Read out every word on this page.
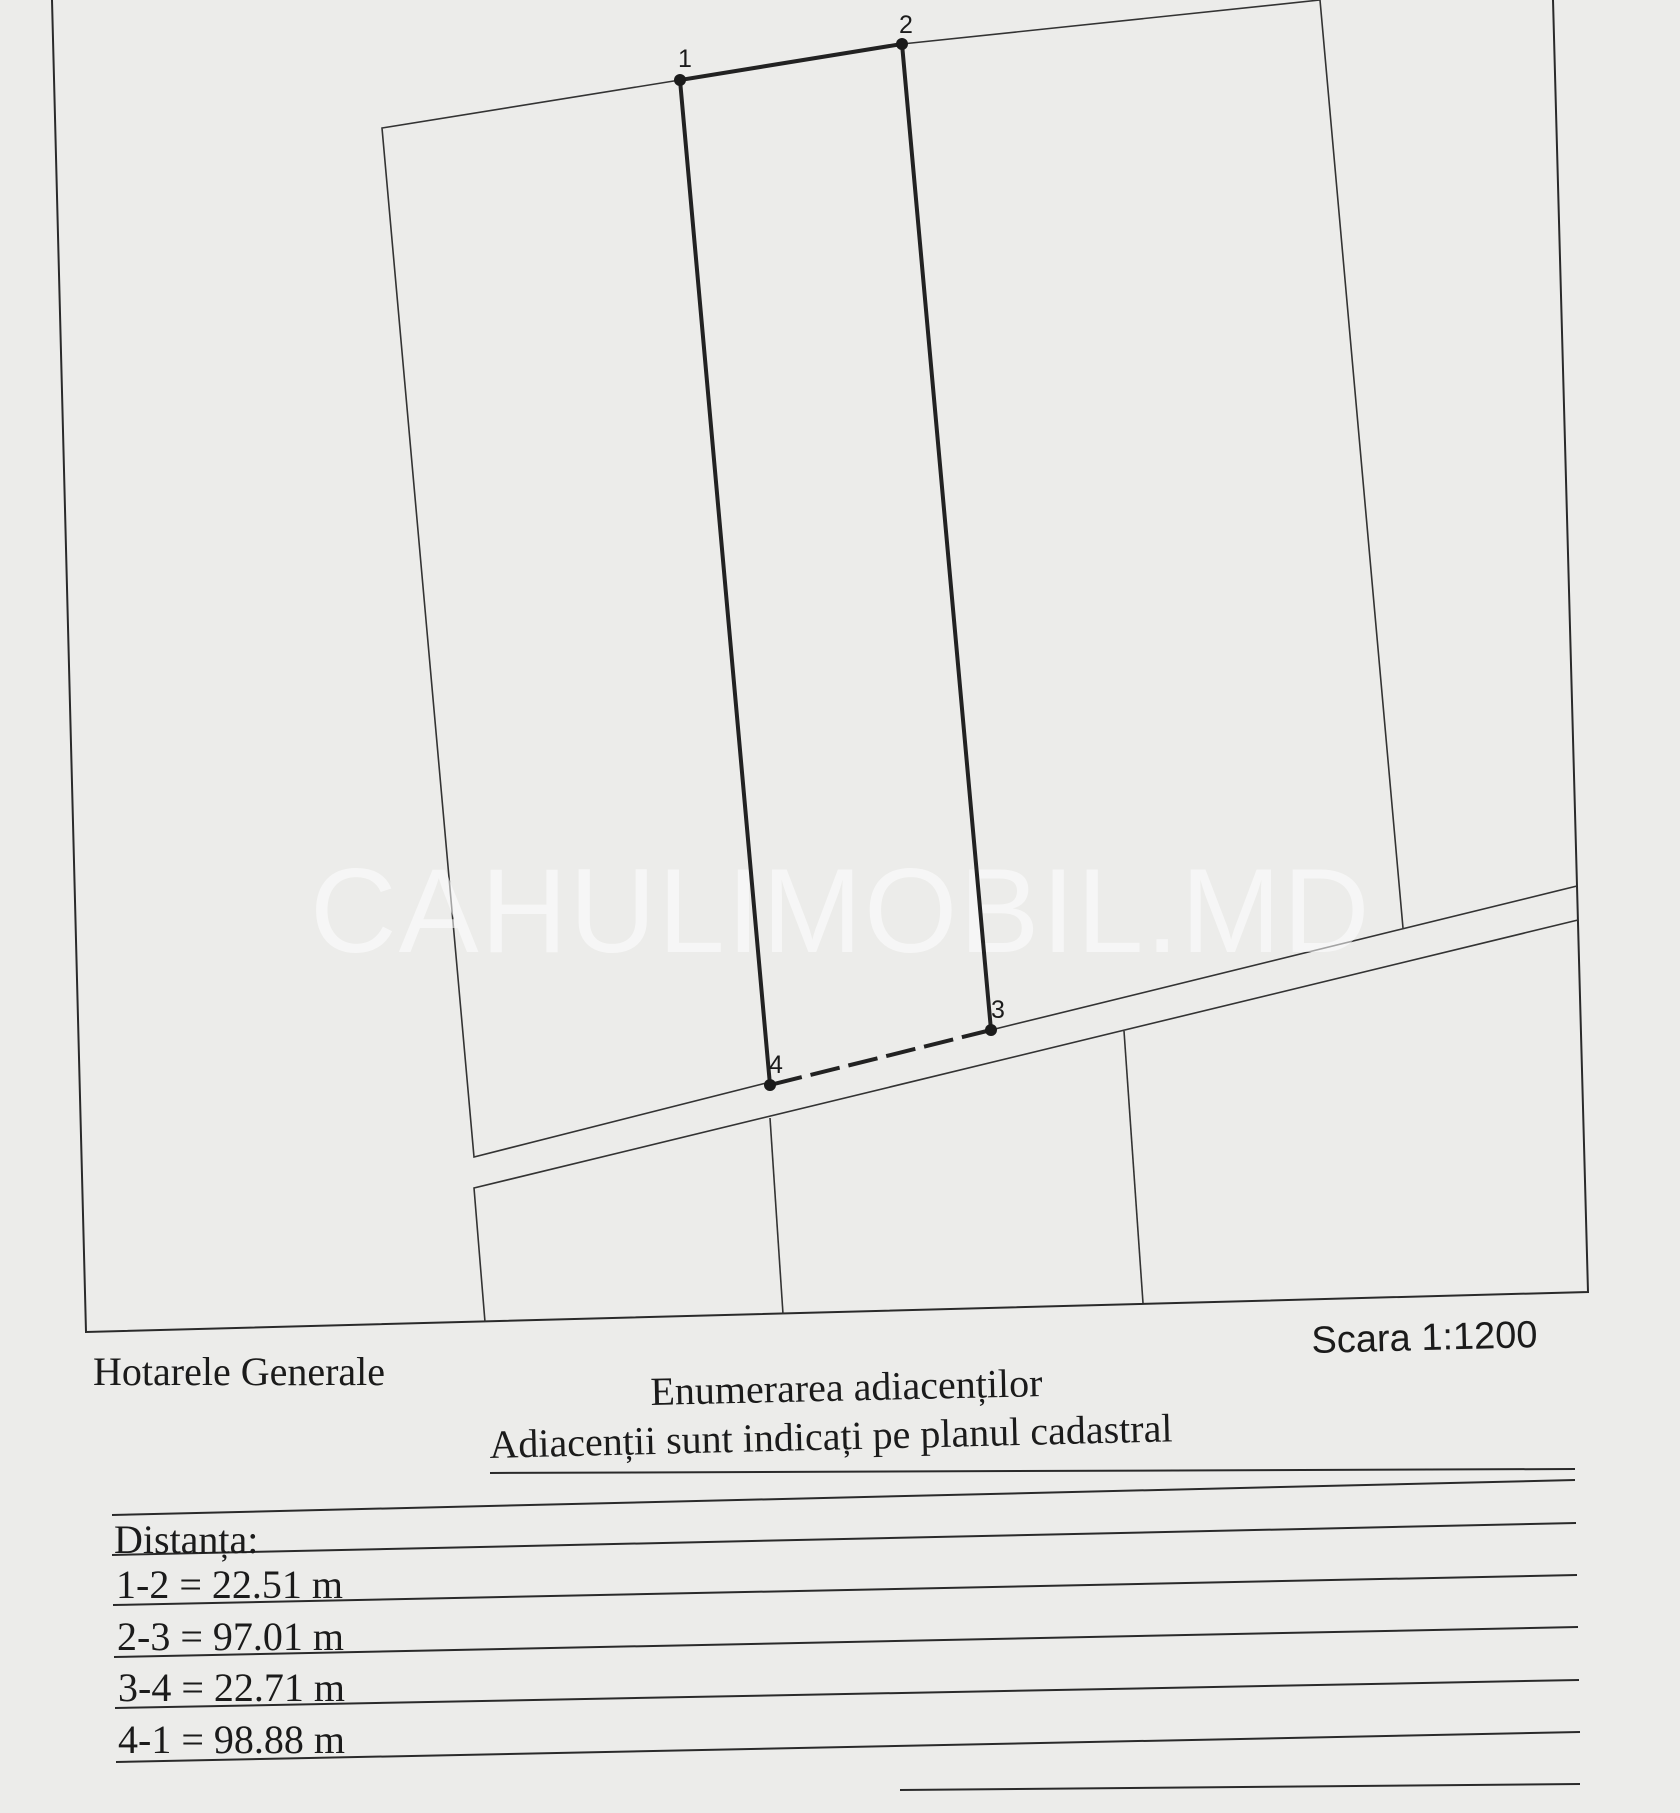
CAHULIMOBIL.MD
1
2
3
4
Hotarele Generale
Scara 1:1200
Enumerarea adiacenților
Adiacenții sunt indicați pe planul cadastral
Distanța:
1-2 = 22.51 m
2-3 = 97.01 m
3-4 = 22.71 m
4-1 = 98.88 m
